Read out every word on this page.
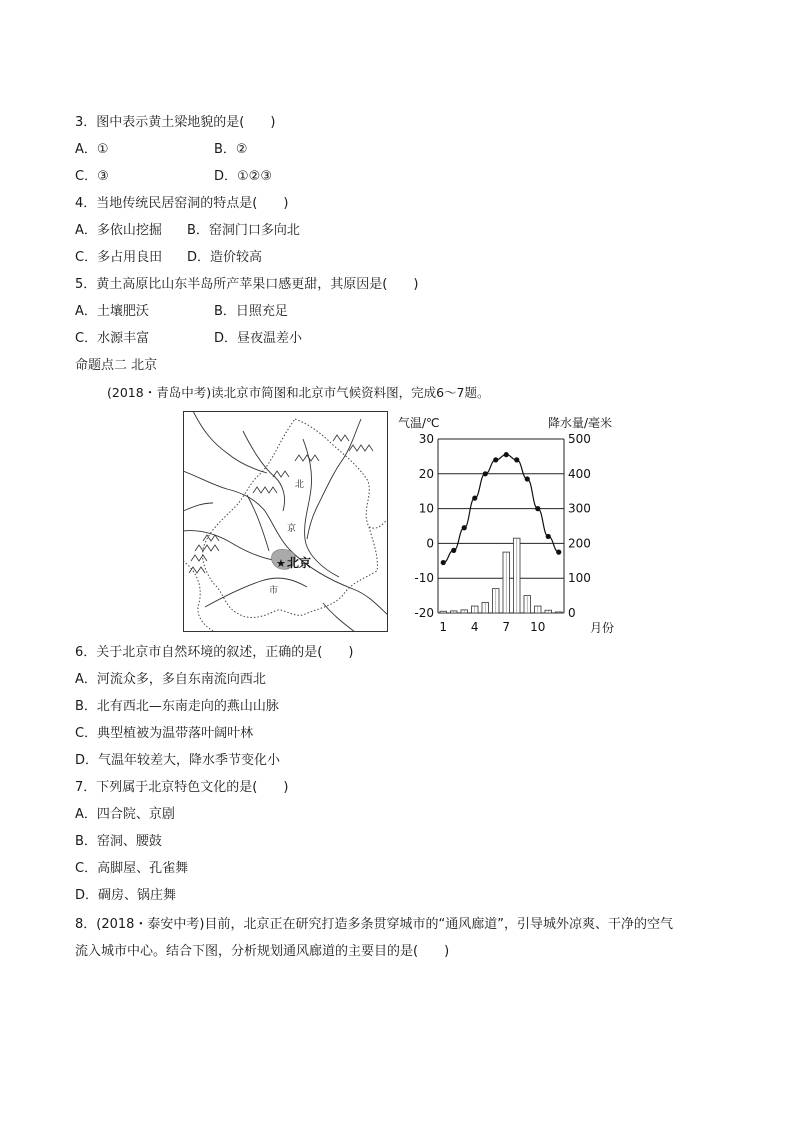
3．图中表示黄土梁地貌的是(　　)
A．①	B．②
C．③	D．①②③
4．当地传统民居窑洞的特点是(　　)
A．多依山挖掘 B．窑洞门口多向北
C．多占用良田 D．造价较高
5．黄土高原比山东半岛所产苹果口感更甜，其原因是(　　)
A．土壤肥沃	B．日照充足
C．水源丰富	D．昼夜温差小
命题点二 北京
(2018・青岛中考)读北京市简图和北京市气候资料图，完成6～7题。
★
北
京
市
北京
气温/℃	降水量/毫米
30
20
10
0
-10
-20
500
400
300
200
100
0
1 4 7 10	月份
6．关于北京市自然环境的叙述，正确的是(　　)
A．河流众多，多自东南流向西北
B．北有西北—东南走向的燕山山脉
C．典型植被为温带落叶阔叶林
D．气温年较差大，降水季节变化小
7．下列属于北京特色文化的是(　　)
A．四合院、京剧
B．窑洞、腰鼓
C．高脚屋、孔雀舞
D．碉房、锅庄舞
8．(2018・泰安中考)目前，北京正在研究打造多条贯穿城市的“通风廊道”，引导城外凉爽、干净的空气
流入城市中心。结合下图，分析规划通风廊道的主要目的是(　　)
